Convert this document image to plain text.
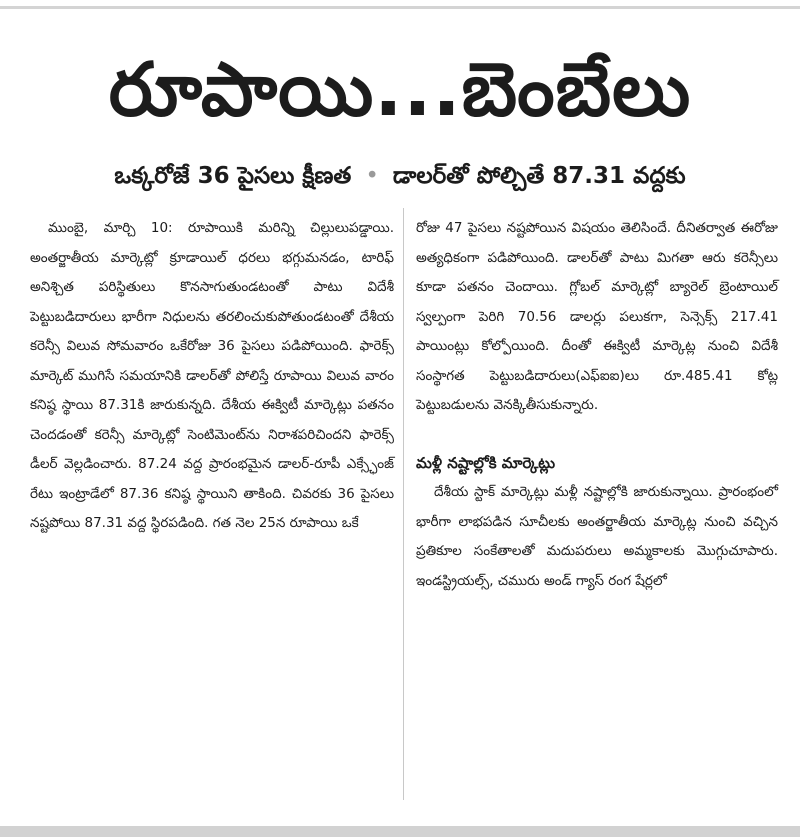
రూపాయి...బెంబేలు
ఒక్కరోజే 36 పైసలు క్షీణత • డాలర్‌తో పోల్చితే 87.31 వద్దకు

ముంబై, మార్చి 10: రూపాయికి మరిన్ని చిల్లులుపడ్డాయి. అంతర్జాతీయ మార్కెట్లో క్రూడాయిల్ ధరలు భగ్గుమనడం, టారిఫ్ అనిశ్చిత పరిస్థితులు కొనసాగుతుండటంతో పాటు విదేశీ పెట్టుబడిదారులు భారీగా నిధులను తరలించుకుపోతుండటంతో దేశీయ కరెన్సీ విలువ సోమవారం ఒకేరోజు 36 పైసలు పడిపోయింది. ఫారెక్స్ మార్కెట్ ముగిసే సమయానికి డాలర్‌తో పోలిస్తే రూపాయి విలువ వారం కనిష్ఠ స్థాయి 87.31కి జారుకున్నది. దేశీయ ఈక్విటీ మార్కెట్లు పతనం చెందడంతో కరెన్సీ మార్కెట్లో సెంటిమెంట్‌ను నిరాశపరిచిందని ఫారెక్స్ డీలర్ వెల్లడించారు. 87.24 వద్ద ప్రారంభమైన డాలర్-రూపీ ఎక్స్ఛేంజ్ రేటు ఇంట్రాడేలో 87.36 కనిష్ఠ స్థాయిని తాకింది. చివరకు 36 పైసలు నష్టపోయి 87.31 వద్ద స్థిరపడింది. గత నెల 25న రూపాయి ఒకే

రోజు 47 పైసలు నష్టపోయిన విషయం తెలిసిందే. దీనితర్వాత ఈరోజు అత్యధికంగా పడిపోయింది. డాలర్‌తో పాటు మిగతా ఆరు కరెన్సీలు కూడా పతనం చెందాయి. గ్లోబల్ మార్కెట్లో బ్యారెల్ బ్రెంటాయిల్ స్వల్పంగా పెరిగి 70.56 డాలర్లు పలుకగా, సెన్సెక్స్ 217.41 పాయింట్లు కోల్పోయింది. దీంతో ఈక్విటీ మార్కెట్ల నుంచి విదేశీ సంస్థాగత పెట్టుబడిదారులు(ఎఫ్ఐఐ)లు రూ.485.41 కోట్ల పెట్టుబడులను వెనక్కితీసుకున్నారు.

మళ్లీ నష్టాల్లోకి మార్కెట్లు

దేశీయ స్టాక్ మార్కెట్లు మళ్లీ నష్టాల్లోకి జారుకున్నాయి. ప్రారంభంలో భారీగా లాభపడిన సూచీలకు అంతర్జాతీయ మార్కెట్ల నుంచి వచ్చిన ప్రతికూల సంకేతాలతో మదుపరులు అమ్మకాలకు మొగ్గుచూపారు. ఇండస్ట్రియల్స్, చమురు అండ్ గ్యాస్ రంగ షేర్లలో
